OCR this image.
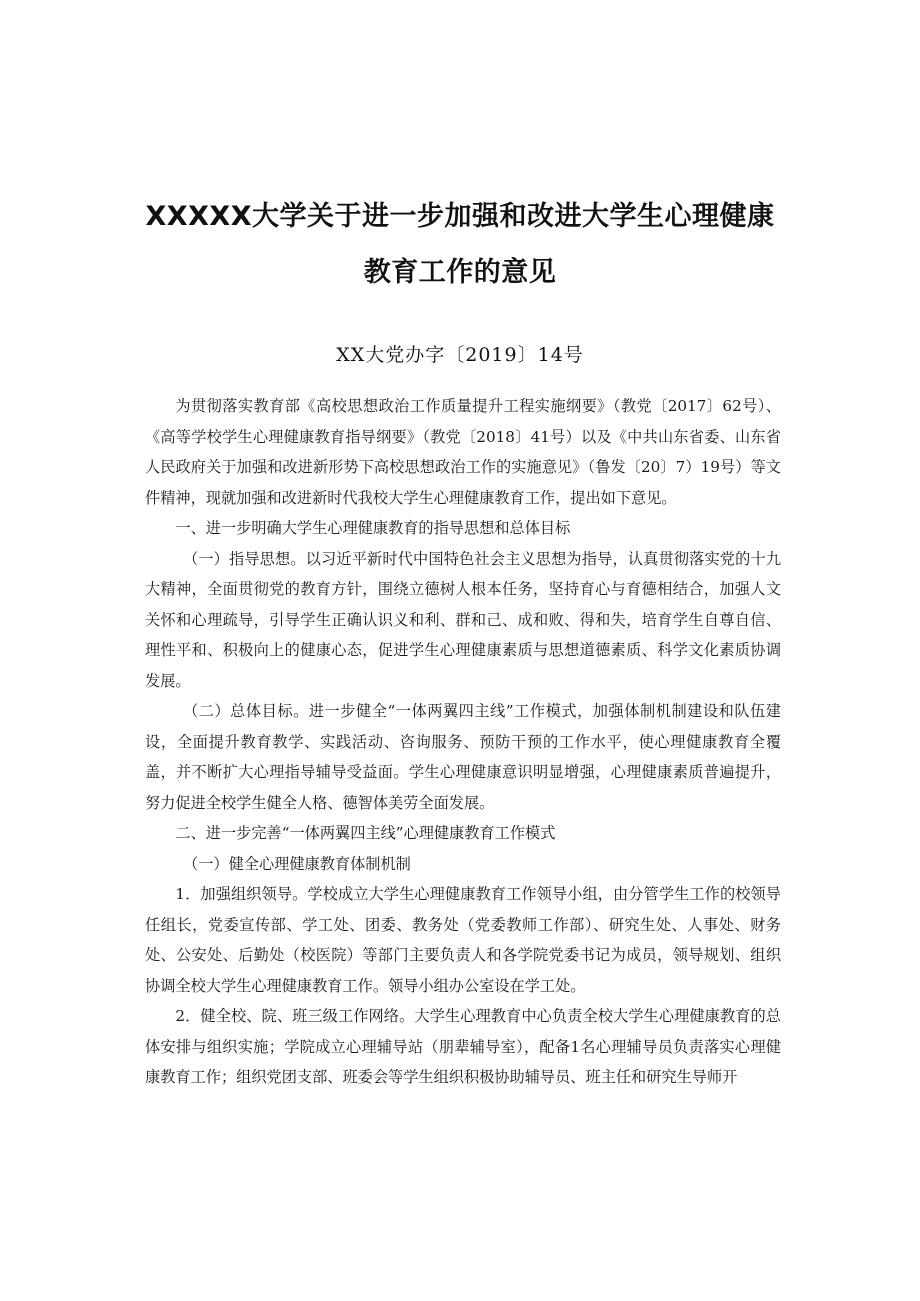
XXXXX大学关于进一步加强和改进大学生心理健康
教育工作的意见
XX大党办字〔2019〕14号

为贯彻落实教育部《高校思想政治工作质量提升工程实施纲要》（教党〔2017〕62号）、《高等学校学生心理健康教育指导纲要》（教党〔2018〕41号）以及《中共山东省委、山东省人民政府关于加强和改进新形势下高校思想政治工作的实施意见》（鲁发〔20〕7）19号）等文件精神，现就加强和改进新时代我校大学生心理健康教育工作，提出如下意见。

一、进一步明确大学生心理健康教育的指导思想和总体目标

（一）指导思想。以习近平新时代中国特色社会主义思想为指导，认真贯彻落实党的十九大精神，全面贯彻党的教育方针，围绕立德树人根本任务，坚持育心与育德相结合，加强人文关怀和心理疏导，引导学生正确认识义和利、群和己、成和败、得和失，培育学生自尊自信、理性平和、积极向上的健康心态，促进学生心理健康素质与思想道德素质、科学文化素质协调发展。

（二）总体目标。进一步健全“一体两翼四主线”工作模式，加强体制机制建设和队伍建设，全面提升教育教学、实践活动、咨询服务、预防干预的工作水平，使心理健康教育全覆盖，并不断扩大心理指导辅导受益面。学生心理健康意识明显增强，心理健康素质普遍提升，努力促进全校学生健全人格、德智体美劳全面发展。

二、进一步完善“一体两翼四主线”心理健康教育工作模式

（一）健全心理健康教育体制机制

1．加强组织领导。学校成立大学生心理健康教育工作领导小组，由分管学生工作的校领导任组长，党委宣传部、学工处、团委、教务处（党委教师工作部）、研究生处、人事处、财务处、公安处、后勤处（校医院）等部门主要负责人和各学院党委书记为成员，领导规划、组织协调全校大学生心理健康教育工作。领导小组办公室设在学工处。

2．健全校、院、班三级工作网络。大学生心理教育中心负责全校大学生心理健康教育的总体安排与组织实施；学院成立心理辅导站（朋辈辅导室），配备1名心理辅导员负责落实心理健康教育工作；组织党团支部、班委会等学生组织积极协助辅导员、班主任和研究生导师开
